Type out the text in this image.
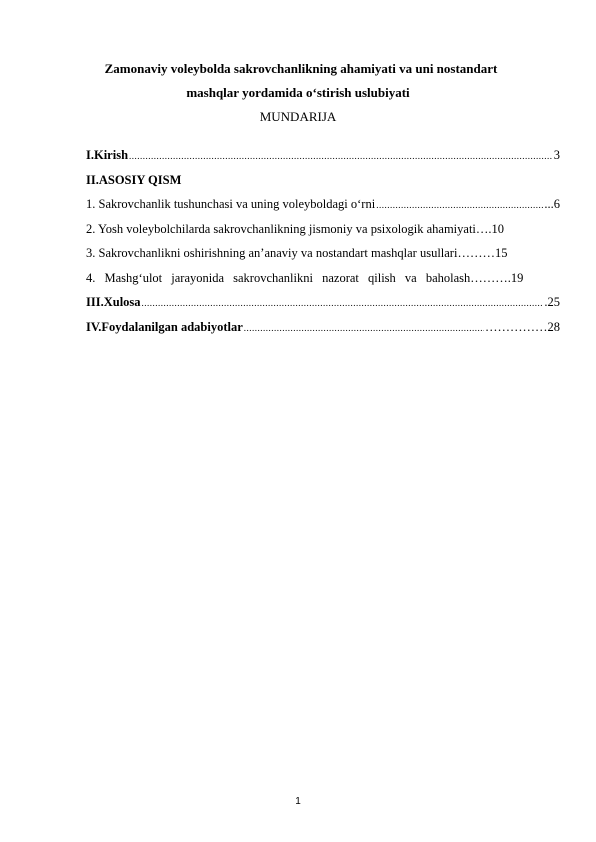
Zamonaviy voleybolda sakrovchanlikning ahamiyati va uni nostandart
mashqlar yordamida o‘stirish uslubiyati
MUNDARIJA
I.Kirish .....	3
II.ASOSIY QISM
1. Sakrovchanlik tushunchasi va uning voleyboldagi o‘rni .....	...6
2. Yosh voleybolchilarda sakrovchanlikning jismoniy va psixologik ahamiyati ….10
3. Sakrovchanlikni oshirishning an’anaviy va nostandart mashqlar usullari ………15
4. Mashg‘ulot jarayonida sakrovchanlikni nazorat qilish va baholash ……….19
III.Xulosa .....	.25
IV.Foydalanilgan adabiyotlar .....	……………28
1
